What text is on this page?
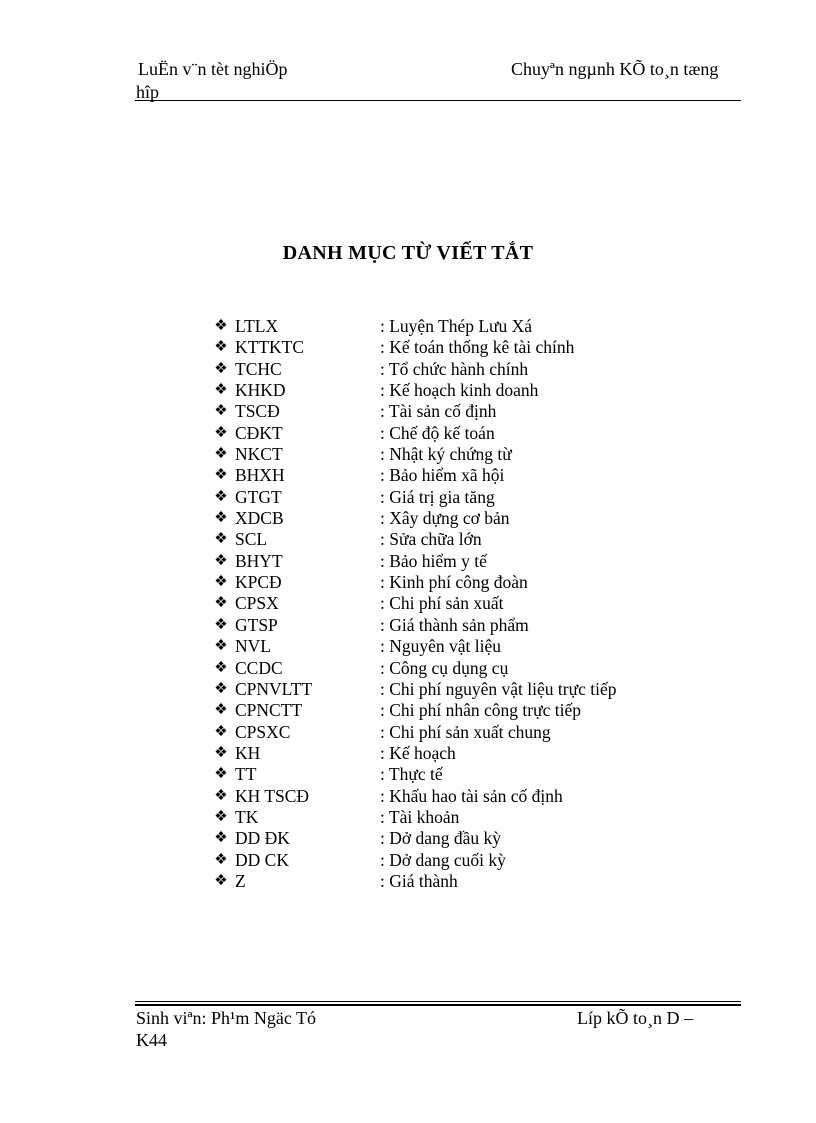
LuËn v¨n tèt nghiÖp
hîp
Chuyªn ngµnh KÕ to¸n tæng
DANH MỤC TỪ VIẾT TẮT
❖ LTLX	: Luyện Thép Lưu Xá
❖ KTTKTC	: Kế toán thống kê tài chính
❖ TCHC	: Tổ chức hành chính
❖ KHKD	: Kế hoạch kinh doanh
❖ TSCĐ	: Tài sản cố định
❖ CĐKT	: Chế độ kế toán
❖ NKCT	: Nhật ký chứng từ
❖ BHXH	: Bảo hiểm xã hội
❖ GTGT	: Giá trị gia tăng
❖ XDCB	: Xây dựng cơ bản
❖ SCL	: Sửa chữa lớn
❖ BHYT	: Bảo hiểm y tế
❖ KPCĐ	: Kinh phí công đoàn
❖ CPSX	: Chi phí sản xuất
❖ GTSP	: Giá thành sản phẩm
❖ NVL	: Nguyên vật liệu
❖ CCDC	: Công cụ dụng cụ
❖ CPNVLTT	: Chi phí nguyên vật liệu trực tiếp
❖ CPNCTT	: Chi phí nhân công trực tiếp
❖ CPSXC	: Chi phí sản xuất chung
❖ KH	: Kế hoạch
❖ TT	: Thực tế
❖ KH TSCĐ	: Khấu hao tài sản cố định
❖ TK	: Tài khoản
❖ DD ĐK	: Dở dang đầu kỳ
❖ DD CK	: Dở dang cuối kỳ
❖ Z	: Giá thành
Sinh viªn: Ph¹m Ngäc Tó
K44
Líp kÕ to¸n D –
